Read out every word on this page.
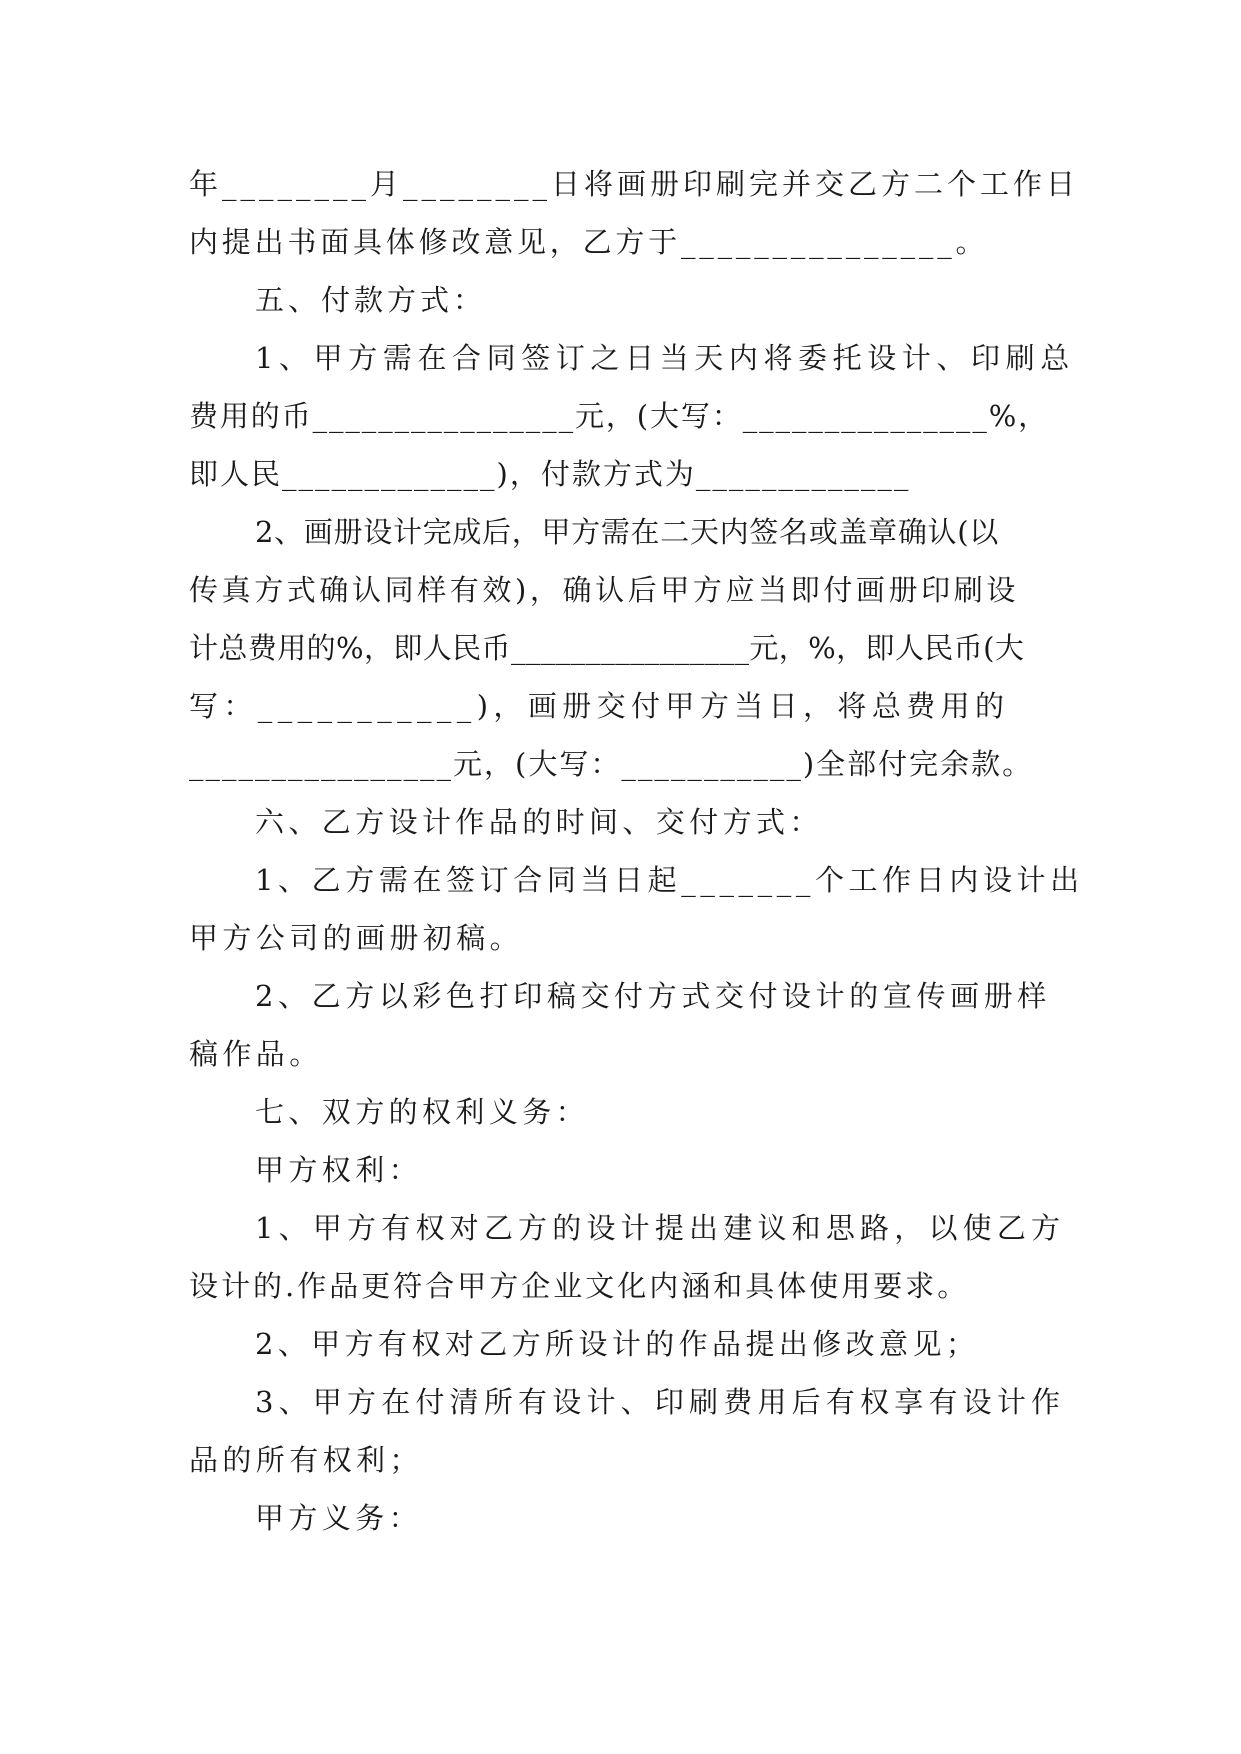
年________月________日将画册印刷完并交乙方二个工作日
内提出书面具体修改意见，乙方于_______________。
五、付款方式：
1、甲方需在合同签订之日当天内将委托设计、印刷总
费用的币________________元，(大写：_______________%，
即人民_____________)，付款方式为_____________
2、画册设计完成后，甲方需在二天内签名或盖章确认(以
传真方式确认同样有效)，确认后甲方应当即付画册印刷设
计总费用的%，即人民币________________元，%，即人民币(大
写：___________)，画册交付甲方当日，将总费用的
________________元，(大写：___________)全部付完余款。
六、乙方设计作品的时间、交付方式：
1、乙方需在签订合同当日起_______个工作日内设计出
甲方公司的画册初稿。
2、乙方以彩色打印稿交付方式交付设计的宣传画册样
稿作品。
七、双方的权利义务：
甲方权利：
1、甲方有权对乙方的设计提出建议和思路，以使乙方
设计的.作品更符合甲方企业文化内涵和具体使用要求。
2、甲方有权对乙方所设计的作品提出修改意见；
3、甲方在付清所有设计、印刷费用后有权享有设计作
品的所有权利；
甲方义务：
